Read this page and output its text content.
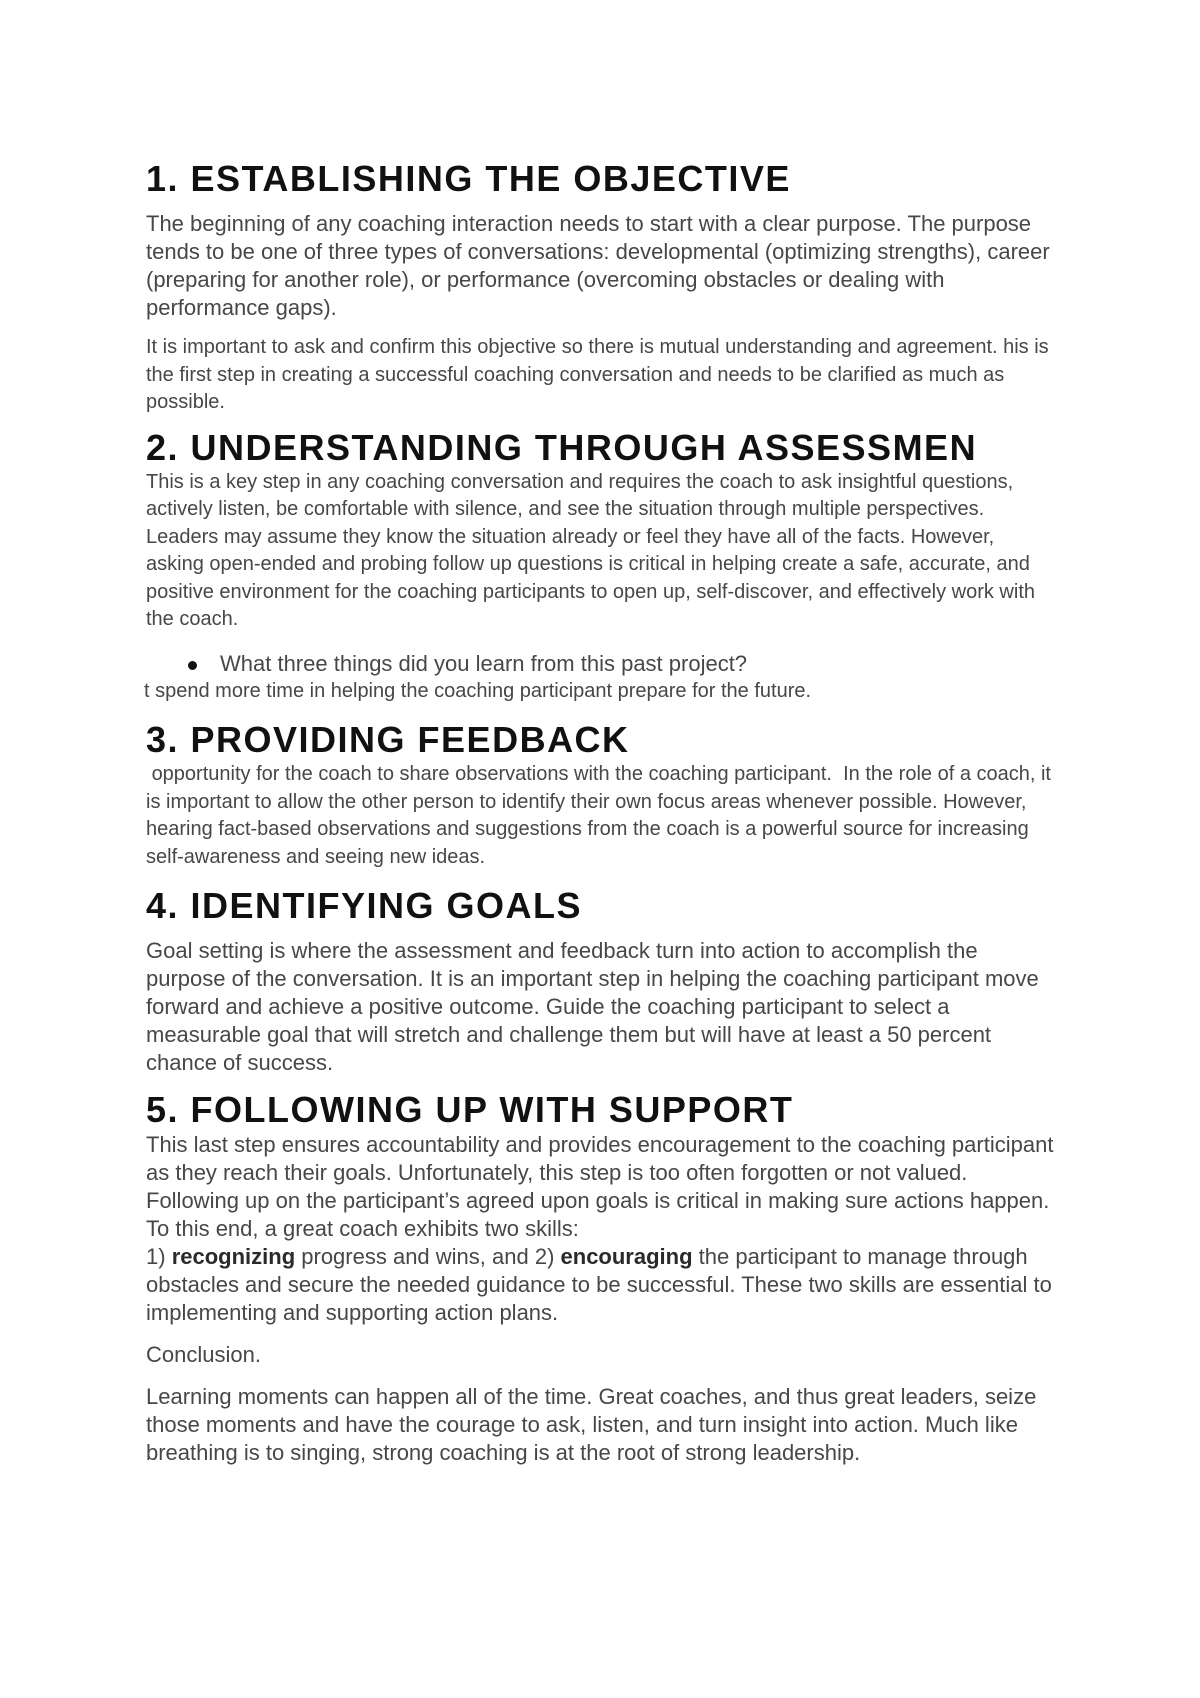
1. ESTABLISHING THE OBJECTIVE

The beginning of any coaching interaction needs to start with a clear purpose. The purpose tends to be one of three types of conversations: developmental (optimizing strengths), career (preparing for another role), or performance (overcoming obstacles or dealing with performance gaps).

It is important to ask and confirm this objective so there is mutual understanding and agreement. his is the first step in creating a successful coaching conversation and needs to be clarified as much as possible.

2. UNDERSTANDING THROUGH ASSESSMEN

This is a key step in any coaching conversation and requires the coach to ask insightful questions, actively listen, be comfortable with silence, and see the situation through multiple perspectives. Leaders may assume they know the situation already or feel they have all of the facts. However, asking open-ended and probing follow up questions is critical in helping create a safe, accurate, and positive environment for the coaching participants to open up, self-discover, and effectively work with the coach.

What three things did you learn from this past project?

t spend more time in helping the coaching participant prepare for the future.

3. PROVIDING FEEDBACK

opportunity for the coach to share observations with the coaching participant.  In the role of a coach, it is important to allow the other person to identify their own focus areas whenever possible. However, hearing fact-based observations and suggestions from the coach is a powerful source for increasing self-awareness and seeing new ideas.

4. IDENTIFYING GOALS

Goal setting is where the assessment and feedback turn into action to accomplish the purpose of the conversation. It is an important step in helping the coaching participant move forward and achieve a positive outcome. Guide the coaching participant to select a measurable goal that will stretch and challenge them but will have at least a 50 percent chance of success.

5. FOLLOWING UP WITH SUPPORT

This last step ensures accountability and provides encouragement to the coaching participant as they reach their goals. Unfortunately, this step is too often forgotten or not valued. Following up on the participant’s agreed upon goals is critical in making sure actions happen. To this end, a great coach exhibits two skills:

1) recognizing progress and wins, and 2) encouraging the participant to manage through obstacles and secure the needed guidance to be successful. These two skills are essential to implementing and supporting action plans.

Conclusion.

Learning moments can happen all of the time. Great coaches, and thus great leaders, seize those moments and have the courage to ask, listen, and turn insight into action. Much like breathing is to singing, strong coaching is at the root of strong leadership.
